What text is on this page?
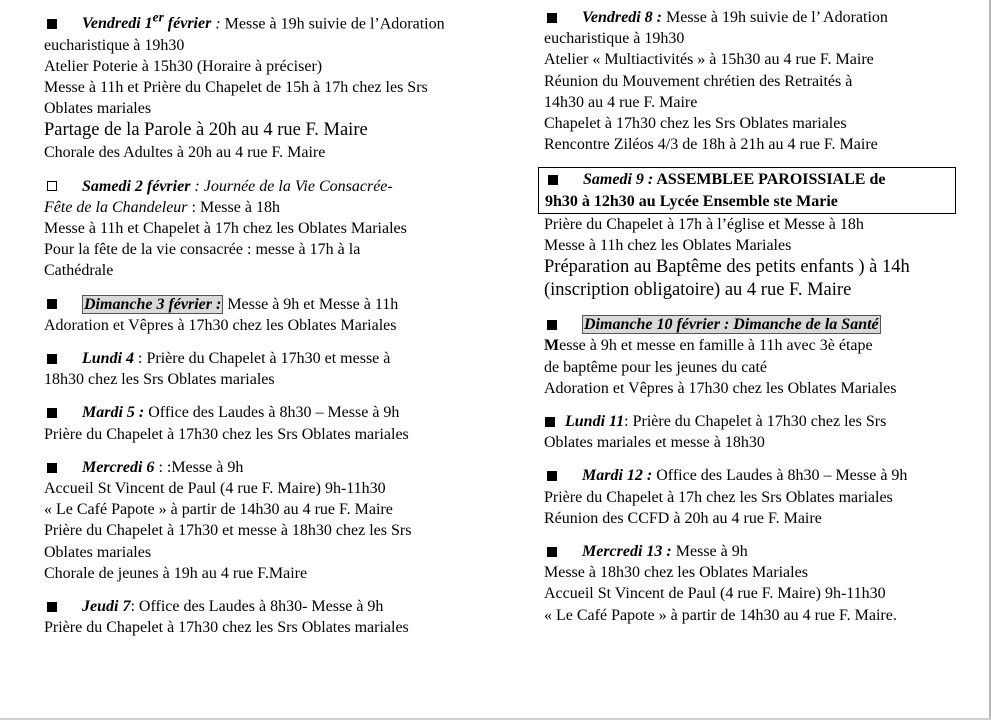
Vendredi 1er février : Messe à 19h suivie de l’Adoration
eucharistique à 19h30
Atelier Poterie à 15h30 (Horaire à préciser)
Messe à 11h et Prière du Chapelet de 15h à 17h chez les Srs
Oblates mariales
Partage de la Parole à 20h au 4 rue F. Maire
Chorale des Adultes à 20h au 4 rue F. Maire
Samedi 2 février : Journée de la Vie Consacrée-
Fête de la Chandeleur : Messe à 18h
Messe à 11h et Chapelet à 17h chez les Oblates Mariales
Pour la fête de la vie consacrée : messe à 17h à la
Cathédrale
Dimanche 3 février : Messe à 9h et Messe à 11h
Adoration et Vêpres à 17h30 chez les Oblates Mariales
Lundi 4 : Prière du Chapelet à 17h30 et messe à
18h30 chez les Srs Oblates mariales
Mardi 5 : Office des Laudes à 8h30 – Messe à 9h
Prière du Chapelet à 17h30 chez les Srs Oblates mariales
Mercredi 6 : :Messe à 9h
Accueil St Vincent de Paul (4 rue F. Maire) 9h-11h30
« Le Café Papote » à partir de 14h30 au 4 rue F. Maire
Prière du Chapelet à 17h30 et messe à 18h30 chez les Srs
Oblates mariales
Chorale de jeunes à 19h au 4 rue F.Maire
Jeudi 7: Office des Laudes à 8h30- Messe à 9h
Prière du Chapelet à 17h30 chez les Srs Oblates mariales
Vendredi 8 : Messe à 19h suivie de l’ Adoration
eucharistique à 19h30
Atelier « Multiactivités » à 15h30 au 4 rue F. Maire
Réunion du Mouvement chrétien des Retraités à
14h30 au 4 rue F. Maire
Chapelet à 17h30 chez les Srs Oblates mariales
Rencontre Ziléos 4/3 de 18h à 21h au 4 rue F. Maire
Samedi 9 : ASSEMBLEE PAROISSIALE de
9h30 à 12h30 au Lycée Ensemble ste Marie
Prière du Chapelet à 17h à l’église et Messe à 18h
Messe à 11h chez les Oblates Mariales
Préparation au Baptême des petits enfants ) à 14h
(inscription obligatoire) au 4 rue F. Maire
Dimanche 10 février : Dimanche de la Santé
Messe à 9h et messe en famille à 11h avec 3è étape
de baptême pour les jeunes du caté
Adoration et Vêpres à 17h30 chez les Oblates Mariales
Lundi 11: Prière du Chapelet à 17h30 chez les Srs
Oblates mariales et messe à 18h30
Mardi 12 : Office des Laudes à 8h30 – Messe à 9h
Prière du Chapelet à 17h chez les Srs Oblates mariales
Réunion des CCFD à 20h au 4 rue F. Maire
Mercredi 13 : Messe à 9h
Messe à 18h30 chez les Oblates Mariales
Accueil St Vincent de Paul (4 rue F. Maire) 9h-11h30
« Le Café Papote » à partir de 14h30 au 4 rue F. Maire.
